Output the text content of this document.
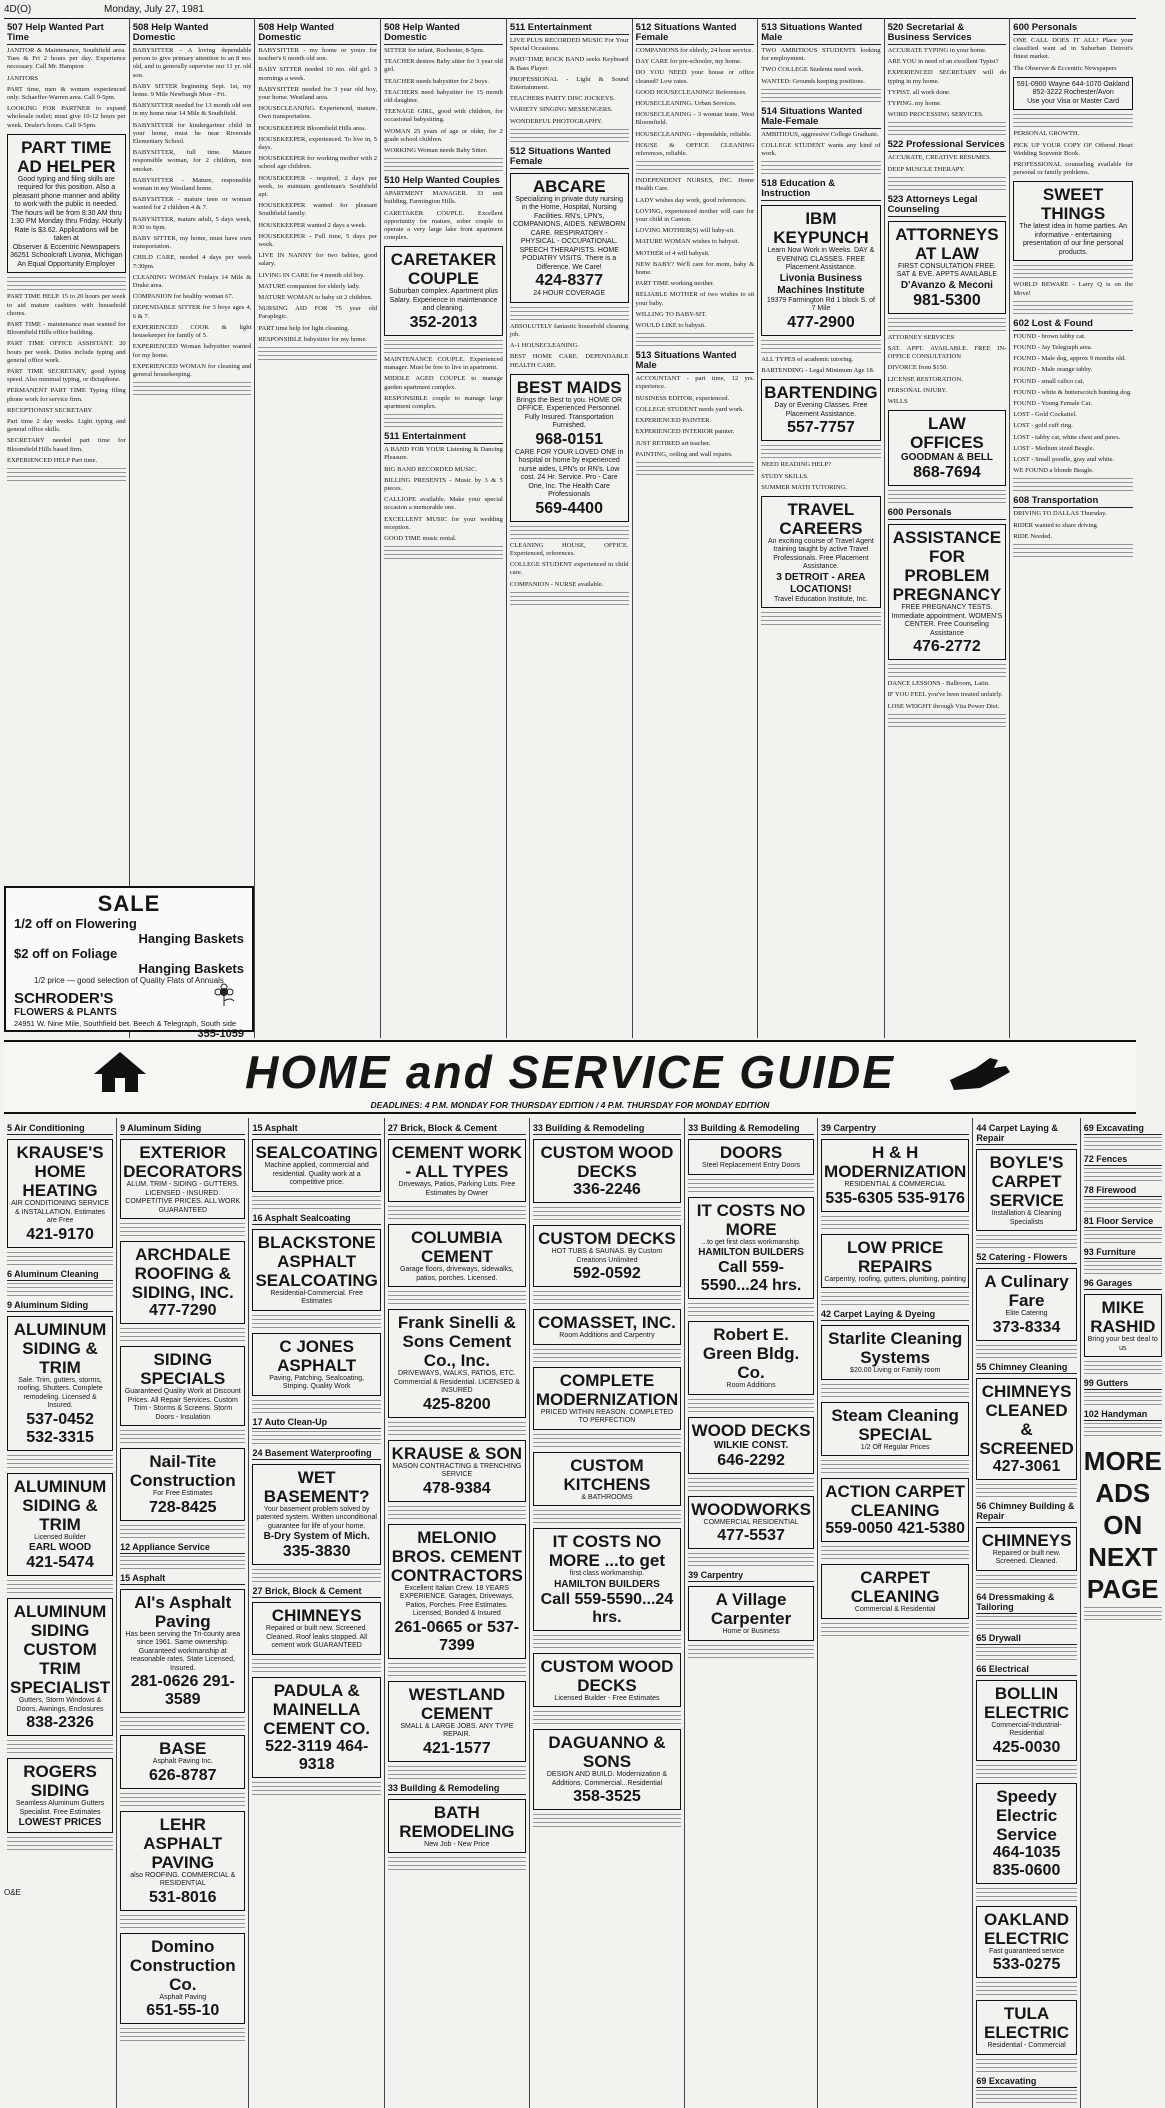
4D(O)	Monday, July 27, 1981
507 Help Wanted Part Time
JANITOR & Maintenance, Southfield area. Tues & Fri 2 hours per day. Experience necessary. Call Mr. Hampton
JANITORS
PART time, men & women experienced only. Schaeffer-Warren area. Call 9-5pm.
LOOKING FOR PARTNER to expand wholesale outlet; must give 10-12 hours per week. Dealer's hours. Call 9-5pm.
PART TIME AD HELPER
Good typing and filing skills are required for this position. Also a pleasant phone manner and ability to work with the public is needed. The hours will be from 8:30 AM thru 1:30 PM Monday thru Friday. Hourly Rate is $3.62. Applications will be taken at
Observer & Eccentric Newspapers 36251 Schoolcraft Livonia, Michigan
An Equal Opportunity Employer
PART TIME HELP. 15 to 20 hours per week to aid mature cashiers with household chores.
PART TIME - maintenance man wanted for Bloomfield Hills office building.
PART TIME OFFICE ASSISTANT. 20 hours per week. Duties include typing and general office work.
PART TIME SECRETARY, good typing speed. Also minimal typing, or dictaphone.
PERMANENT PART TIME Typing filing phone work for service firm.
RECEPTIONIST SECRETARY
Part time 2 day weeks. Light typing and general office skills.
SECRETARY needed part time for Bloomfield Hills based firm.
EXPERIENCED HELP Part time.
508 Help Wanted Domestic
BABYSITTER - A loving dependable person to give primary attention to an 8 mo. old, and to generally supervise our 11 yr. old son.
BABY SITTER beginning Sept. 1st, my home. 9 Mile Newburgh Mon - Fri.
BABYSITTER needed for 13 month old son in my home near 14 Mile & Southfield.
BABYSITTER for kindergartner child in your home, must be near Riverside Elementary School.
BABYSITTER, full time. Mature responsible woman, for 2 children, non smoker.
BABYSITTER - Mature, responsible woman in my Westland home.
BABYSITTER - mature teen or woman wanted for 2 children 4 & 7.
BABYSITTER, mature adult, 5 days week, 8:30 to 6pm.
BABY SITTER, my home, must have own transportation.
CHILD CARE, needed 4 days per week 7:30pm.
CLEANING WOMAN Fridays 14 Mile & Drake area.
COMPANION for healthy woman 67.
DEPENDABLE SITTER for 3 boys ages 4, 6 & 7.
EXPERIENCED COOK & light housekeeper for family of 5.
EXPERIENCED Woman babysitter wanted for my home.
EXPERIENCED WOMAN for cleaning and general housekeeping.
508 Help Wanted Domestic
BABYSITTER - my home or yours for teacher's 6 month old son.
BABY SITTER needed 10 mo. old girl. 3 mornings a week.
BABYSITTER needed for 3 year old boy, your home. Westland area.
HOUSECLEANING. Experienced, mature. Own transportation.
HOUSEKEEPER Bloomfield Hills area.
HOUSEKEEPER, experienced. To live in, 5 days.
HOUSEKEEPER for working mother with 2 school age children.
HOUSEKEEPER - required, 2 days per week, to maintain gentleman's Southfield apt.
HOUSEKEEPER wanted for pleasant Southfield family.
HOUSEKEEPER wanted 2 days a week.
HOUSEKEEPER - Full time, 5 days per week.
LIVE IN NANNY for two babies, good salary.
LIVING IN CARE for 4 month old boy.
MATURE companion for elderly lady.
MATURE WOMAN to baby sit 2 children.
NURSING AID FOR 75 year old Paraplegic.
PART time help for light cleaning.
RESPONSIBLE babysitter for my home.
508 Help Wanted Domestic
SITTER for infant, Rochester, 8-5pm.
TEACHER desires Baby sitter for 3 year old girl.
TEACHER needs babysitter for 2 boys.
TEACHERS need babysitter for 15 month old daughter.
TEENAGE GIRL, good with children, for occasional babysitting.
WOMAN 25 years of age or older, for 2 grade school children.
WORKING Woman needs Baby Sitter.
510 Help Wanted Couples
APARTMENT MANAGER. 33 unit building, Farmington Hills.
CARETAKER COUPLE. Excellent opportunity for mature, sober couple to operate a very large lake front apartment complex.
CARETAKER COUPLE
Suburban complex. Apartment plus Salary. Experience in maintenance and cleaning.
352-2013
MAINTENANCE COUPLE. Experienced manager. Must be free to live in apartment.
MIDDLE AGED COUPLE to manage garden apartment complex.
RESPONSIBLE couple to manage large apartment complex.
511 Entertainment
A BAND FOR YOUR Listening & Dancing Pleasure.
BIG BAND RECORDED MUSIC.
BILLING PRESENTS - Music by 3 & 5 pieces.
CALLIOPE available. Make your special occasion a memorable one.
EXCELLENT MUSIC for your wedding reception.
GOOD TIME music rental.
511 Entertainment
LIVE PLUS RECORDED MUSIC For Your Special Occasions.
PART-TIME ROCK BAND seeks Keyboard & Bass Player.
PROFESSIONAL - Light & Sound Entertainment.
TEACHERS PARTY DISC JOCKEYS.
VARIETY SINGING MESSENGERS.
WONDERFUL PHOTOGRAPHY.
512 Situations Wanted Female
ABCARE
Specializing in private duty nursing in the Home, Hospital, Nursing Facilities. RN's, LPN's, COMPANIONS, AIDES. NEWBORN CARE. RESPIRATORY - PHYSICAL - OCCUPATIONAL. SPEECH THERAPISTS. HOME PODIATRY VISITS. There is a Difference. We Care!
424-8377
24 HOUR COVERAGE
ABSOLUTELY fantastic housefold cleaning job.
A-1 HOUSECLEANING.
BEST HOME CARE. DEPENDABLE HEALTH CARE.
BEST MAIDS
Brings the Best to you. HOME OR OFFICE. Experienced Personnel. Fully Insured. Transportation Furnished.
968-0151
CARE FOR YOUR LOVED ONE in hospital or home by experienced nurse aides, LPN's or RN's. Low cost. 24 Hr. Service. Pro - Care One, Inc. The Health Care Professionals
569-4400
CLEANING HOUSE, OFFICE. Experienced, references.
COLLEGE STUDENT experienced in child care.
COMPANION - NURSE available.
512 Situations Wanted Female
COMPANIONS for elderly, 24 hour service.
DAY CARE for pre-schooler, my home.
DO YOU NEED your house or office cleaned? Low rates.
GOOD HOUSECLEANING! References.
HOUSECLEANING. Urban Services.
HOUSECLEANING - 3 woman team. West Bloomfield.
HOUSECLEANING - dependable, reliable.
HOUSE & OFFICE CLEANING references, reliable.
INDEPENDENT NURSES, INC. Home Health Care.
LADY wishes day work, good references.
LOVING, experienced mother will care for your child in Canton.
LOVING MOTHER(S) will baby-sit.
MATURE WOMAN wishes to babysit.
MOTHER of 4 will babysit.
NEW BABY? We'll care for mom, baby & home.
PART TIME working mother.
RELIABLE MOTHER of two wishes to sit your baby.
WILLING TO BABY-SIT.
WOULD LIKE to babysit.
513 Situations Wanted Male
ACCOUNTANT - part time, 12 yrs. experience.
BUSINESS EDITOR, experienced.
COLLEGE STUDENT needs yard work.
EXPERIENCED PAINTER.
EXPERIENCED INTERIOR painter.
JUST RETIRED art teacher.
PAINTING, ceiling and wall repairs.
513 Situations Wanted Male
TWO AMBITIOUS STUDENTS looking for employment.
TWO COLLEGE Students need work.
WANTED: Grounds keeping positions.
514 Situations Wanted Male-Female
AMBITIOUS, aggressive College Graduate.
COLLEGE STUDENT wants any kind of work.
518 Education & Instruction
IBM KEYPUNCH
Learn Now Work in Weeks. DAY & EVENING CLASSES. FREE Placement Assistance.
Livonia Business Machines Institute
19379 Farmington Rd 1 block S. of 7 Mile
477-2900
ALL TYPES of academic tutoring.
BARTENDING - Legal Minimum Age 18.
BARTENDING
Day or Evening Classes. Free Placement Assistance.
557-7757
NEED READING HELP?
STUDY SKILLS.
SUMMER MATH TUTORING.
TRAVEL CAREERS
An exciting course of Travel Agent training taught by active Travel Professionals. Free Placement Assistance.
3 DETROIT - AREA LOCATIONS!
Travel Education Institute, Inc.
520 Secretarial & Business Services
ACCURATE TYPING in your home.
ARE YOU in need of an excellent Typist?
EXPERIENCED SECRETARY will do typing in my home.
TYPIST. all work done.
TYPING. my home.
WORD PROCESSING SERVICES.
522 Professional Services
ACCURATE, CREATIVE RESUMES.
DEEP MUSCLE THERAPY.
523 Attorneys Legal Counseling
ATTORNEYS AT LAW
FIRST CONSULTATION FREE. SAT & EVE. APPTS AVAILABLE
D'Avanzo & Meconi
981-5300
ATTORNEY SERVICES
SAT. APPT. AVAILABLE. FREE IN-OFFICE CONSULTATION
DIVORCE from $150.
LICENSE RESTORATION.
PERSONAL INJURY.
WILLS
LAW OFFICES
GOODMAN & BELL
868-7694
600 Personals
ASSISTANCE FOR PROBLEM PREGNANCY
FREE PREGNANCY TESTS. Immediate appointment. WOMEN'S CENTER. Free Counseling Assistance
476-2772
DANCE LESSONS - Ballroom, Latin.
IF YOU FEEL you've been treated unfairly.
LOSE WEIGHT through Vita Power Diet.
600 Personals
ONE CALL DOES IT ALL! Place your classified want ad in Suburban Detroit's finest market.
The Observer & Eccentric Newspapers
591-0900 Wayne 644-1070 Oakland 852-3222 Rochester/Avon
Use your Visa or Master Card
PERSONAL GROWTH.
PICK UP YOUR COPY OF Offered Heart Wedding Souvenir Book.
PROFESSIONAL counseling available for personal or family problems.
SWEET THINGS
The latest idea in home parties. An informative - entertaining presentation of our fine personal products.
WORLD BEWARE - Larry Q is on the Move!
602 Lost & Found
FOUND - brown tabby cat.
FOUND - Jay Telegraph area.
FOUND - Male dog, approx 9 months old.
FOUND - Male orange tabby.
FOUND - small calico cat.
FOUND - white & butterscotch hunting dog.
FOUND - Young Female Cat.
LOST - Gold Cockatiel.
LOST - gold cuff ring.
LOST - tabby cat, white chest and paws.
LOST - Medium sized Beagle.
LOST - Small poodle, gray and white.
WE FOUND a blonde Beagle.
608 Transportation
DRIVING TO DALLAS Thursday.
RIDER wanted to share driving.
RIDE Needed.
SALE
1/2 off on Flowering
Hanging Baskets
$2 off on Foliage
Hanging Baskets
1/2 price — good selection of Quality Flats of Annuals
SCHRODER'S
FLOWERS & PLANTS
24951 W. Nine Mile, Southfield bet. Beech & Telegraph, South side
355-1059
HOME and SERVICE GUIDE
DEADLINES: 4 P.M. MONDAY FOR THURSDAY EDITION / 4 P.M. THURSDAY FOR MONDAY EDITION
5 Air Conditioning
KRAUSE'S HOME HEATING
AIR CONDITIONING SERVICE & INSTALLATION. Estimates are Free
421-9170
6 Aluminum Cleaning
9 Aluminum Siding
ALUMINUM SIDING & TRIM
Sale. Trim, gutters, storms, roofing, Shutters. Complete remodeling. Licensed & Insured.
537-0452 532-3315
ALUMINUM SIDING & TRIM
Licensed Builder
EARL WOOD
421-5474
ALUMINUM SIDING CUSTOM TRIM SPECIALIST
Gutters, Storm Windows & Doors. Awnings, Enclosures
838-2326
ROGERS SIDING
Seamless Aluminum Gutters Specialist. Free Estimates
LOWEST PRICES
9 Aluminum Siding
EXTERIOR DECORATORS
ALUM. TRIM - SIDING - GUTTERS. LICENSED - INSURED. COMPETITIVE PRICES. ALL WORK GUARANTEED
ARCHDALE ROOFING & SIDING, INC.
477-7290
SIDING SPECIALS
Guaranteed Quality Work at Discount Prices. All Repair Services. Custom Trim - Storms & Screens. Storm Doors - Insulation
Nail-Tite Construction
For Free Estimates
728-8425
12 Appliance Service
15 Asphalt
Al's Asphalt Paving
Has been serving the Tri-county area since 1961. Same ownership. Guaranteed workmanship at reasonable rates. State Licensed, Insured.
281-0626 291-3589
BASE
Asphalt Paving Inc.
626-8787
LEHR ASPHALT PAVING
also ROOFING. COMMERCIAL & RESIDENTIAL
531-8016
Domino Construction Co.
Asphalt Paving
651-55-10
15 Asphalt
SEALCOATING
Machine applied, commercial and residential. Quality work at a competitive price.
16 Asphalt Sealcoating
BLACKSTONE ASPHALT SEALCOATING
Residential-Commercial. Free Estimates
C JONES ASPHALT
Paving, Patching, Sealcoating, Striping. Quality Work
17 Auto Clean-Up
24 Basement Waterproofing
WET BASEMENT?
Your basement problem solved by patented system. Written unconditional guarantee for life of your home.
B-Dry System of Mich.
335-3830
27 Brick, Block & Cement
CHIMNEYS
Repaired or built new. Screened. Cleaned. Roof leaks stopped. All cement work GUARANTEED
PADULA & MAINELLA CEMENT CO.
522-3119 464-9318
27 Brick, Block & Cement
CEMENT WORK - ALL TYPES
Driveways, Patios, Parking Lots. Free Estimates by Owner
COLUMBIA CEMENT
Garage floors, driveways, sidewalks, patios, porches. Licensed.
Frank Sinelli & Sons Cement Co., Inc.
DRIVEWAYS, WALKS, PATIOS, ETC. Commercial & Residential. LICENSED & INSURED
425-8200
KRAUSE & SON
MASON CONTRACTING & TRENCHING SERVICE
478-9384
MELONIO BROS. CEMENT CONTRACTORS
Excellent Italian Crew. 18 YEARS EXPERIENCE. Garages, Driveways, Patios, Porches. Free Estimates. Licensed, Bonded & Insured
261-0665 or 537-7399
WESTLAND CEMENT
SMALL & LARGE JOBS. ANY TYPE REPAIR.
421-1577
33 Building & Remodeling
BATH REMODELING
New Job - New Price
33 Building & Remodeling
CUSTOM WOOD DECKS
336-2246
CUSTOM DECKS
HOT TUBS & SAUNAS. By Custom Creations Unlimited
592-0592
COMASSET, INC.
Room Additions and Carpentry
COMPLETE MODERNIZATION
PRICED WITHIN REASON. COMPLETED TO PERFECTION
CUSTOM KITCHENS
& BATHROOMS
IT COSTS NO MORE ...to get
first class workmanship.
HAMILTON BUILDERS
Call 559-5590...24 hrs.
CUSTOM WOOD DECKS
Licensed Builder - Free Estimates
DAGUANNO & SONS
DESIGN AND BUILD. Modernization & Additions. Commercial...Residential
358-3525
33 Building & Remodeling
DOORS
Steel Replacement Entry Doors
IT COSTS NO MORE
...to get first class workmanship.
HAMILTON BUILDERS
Call 559-5590...24 hrs.
Robert E. Green Bldg. Co.
Room Additions
WOOD DECKS
WILKIE CONST.
646-2292
WOODWORKS
COMMERCIAL RESIDENTIAL
477-5537
39 Carpentry
A Village Carpenter
Home or Business
39 Carpentry
H & H MODERNIZATION
RESIDENTIAL & COMMERCIAL
535-6305 535-9176
LOW PRICE REPAIRS
Carpentry, roofing, gutters, plumbing, painting
42 Carpet Laying & Dyeing
Starlite Cleaning Systems
$20.00 Living or Family room
Steam Cleaning SPECIAL
1/2 Off Regular Prices
ACTION CARPET CLEANING
559-0050 421-5380
CARPET CLEANING
Commercial & Residential
44 Carpet Laying & Repair
BOYLE'S CARPET SERVICE
Installation & Cleaning Specialists
52 Catering - Flowers
A Culinary Fare
Elite Catering
373-8334
55 Chimney Cleaning
CHIMNEYS CLEANED & SCREENED
427-3061
56 Chimney Building & Repair
CHIMNEYS
Repaired or built new. Screened. Cleaned.
64 Dressmaking & Tailoring
65 Drywall
66 Electrical
BOLLIN ELECTRIC
Commercial-Industrial-Residential
425-0030
Speedy Electric Service
464-1035 835-0600
OAKLAND ELECTRIC
Fast guaranteed service
533-0275
TULA ELECTRIC
Residential - Commercial
69 Excavating
69 Excavating
72 Fences
78 Firewood
81 Floor Service
93 Furniture
96 Garages
MIKE RASHID
Bring your best deal to us
99 Gutters
102 Handyman
MORE ADS ON NEXT PAGE
O&E
